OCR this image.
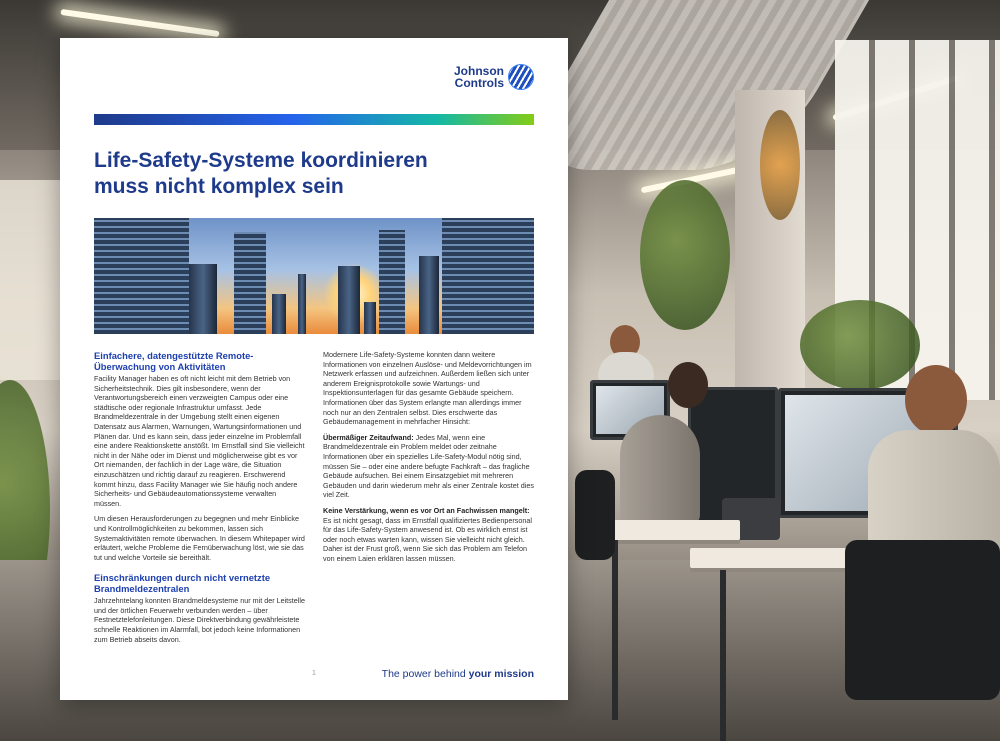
Johnson
Controls
Life-Safety-Systeme koordinieren
muss nicht komplex sein
Einfachere, datengestützte Remote-Überwachung von Aktivitäten

Facility Manager haben es oft nicht leicht mit dem Betrieb von Sicherheitstechnik. Dies gilt insbesondere, wenn der Verantwortungsbereich einen verzweigten Campus oder eine städtische oder regionale Infrastruktur umfasst. Jede Brandmeldezentrale in der Umgebung stellt einen eigenen Datensatz aus Alarmen, Warnungen, Wartungsinformationen und Plänen dar. Und es kann sein, dass jeder einzelne im Problemfall eine andere Reaktionskette anstößt. Im Ernstfall sind Sie vielleicht nicht in der Nähe oder im Dienst und möglicherweise gibt es vor Ort niemanden, der fachlich in der Lage wäre, die Situation einzuschätzen und richtig darauf zu reagieren. Erschwerend kommt hinzu, dass Facility Manager wie Sie häufig noch andere Sicherheits- und Gebäudeautomationssysteme verwalten müssen.

Um diesen Herausforderungen zu begegnen und mehr Einblicke und Kontrollmöglichkeiten zu bekommen, lassen sich Systemaktivitäten remote überwachen. In diesem Whitepaper wird erläutert, welche Probleme die Fernüberwachung löst, wie sie das tut und welche Vorteile sie bereithält.

Einschränkungen durch nicht vernetzte Brandmeldezentralen

Jahrzehntelang konnten Brandmeldesysteme nur mit der Leitstelle und der örtlichen Feuerwehr verbunden werden – über Festnetztelefonleitungen. Diese Direktverbindung gewährleistete schnelle Reaktionen im Alarmfall, bot jedoch keine Informationen zum Betrieb abseits davon.

Modernere Life-Safety-Systeme konnten dann weitere Informationen von einzelnen Auslöse- und Meldevorrichtungen im Netzwerk erfassen und aufzeichnen. Außerdem ließen sich unter anderem Ereignisprotokolle sowie Wartungs- und Inspektionsunterlagen für das gesamte Gebäude speichern. Informationen über das System erlangte man allerdings immer noch nur an den Zentralen selbst. Dies erschwerte das Gebäudemanagement in mehrfacher Hinsicht:

Übermäßiger Zeitaufwand: Jedes Mal, wenn eine Brandmeldezentrale ein Problem meldet oder zeitnahe Informationen über ein spezielles Life-Safety-Modul nötig sind, müssen Sie – oder eine andere befugte Fachkraft – das fragliche Gebäude aufsuchen. Bei einem Einsatzgebiet mit mehreren Gebäuden und darin wiederum mehr als einer Zentrale kostet dies viel Zeit.

Keine Verstärkung, wenn es vor Ort an Fachwissen mangelt: Es ist nicht gesagt, dass im Ernstfall qualifiziertes Bedienpersonal für das Life-Safety-System anwesend ist. Ob es wirklich ernst ist oder noch etwas warten kann, wissen Sie vielleicht nicht gleich. Daher ist der Frust groß, wenn Sie sich das Problem am Telefon von einem Laien erklären lassen müssen.

1	The power behind your mission
